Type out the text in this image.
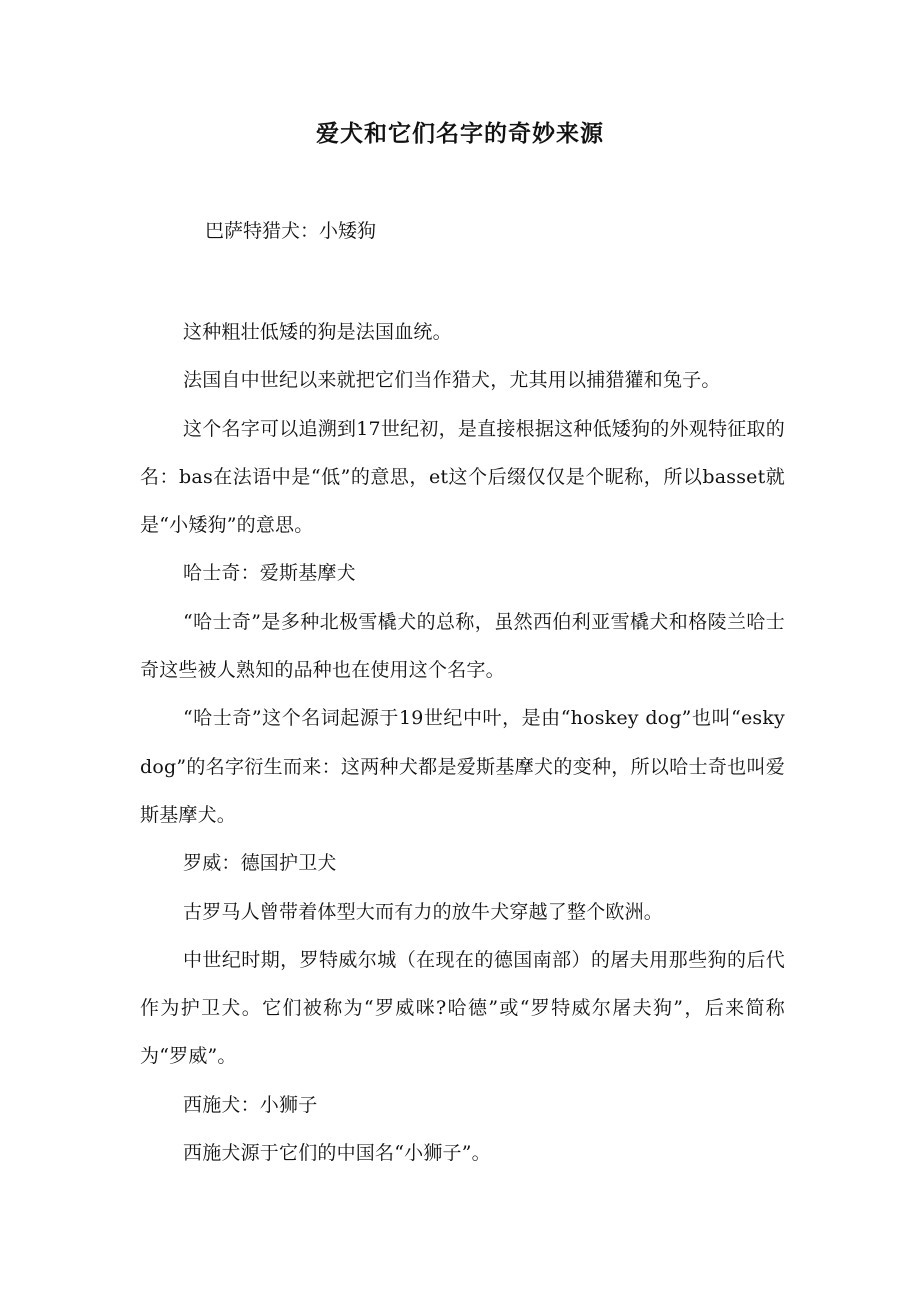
爱犬和它们名字的奇妙来源

巴萨特猎犬：小矮狗

这种粗壮低矮的狗是法国血统。

法国自中世纪以来就把它们当作猎犬，尤其用以捕猎獾和兔子。

这个名字可以追溯到17世纪初，是直接根据这种低矮狗的外观特征取的名：bas在法语中是“低”的意思，et这个后缀仅仅是个昵称，所以basset就是“小矮狗”的意思。

哈士奇：爱斯基摩犬

“哈士奇”是多种北极雪橇犬的总称，虽然西伯利亚雪橇犬和格陵兰哈士奇这些被人熟知的品种也在使用这个名字。

“哈士奇”这个名词起源于19世纪中叶，是由“hoskey dog”也叫“esky dog”的名字衍生而来：这两种犬都是爱斯基摩犬的变种，所以哈士奇也叫爱斯基摩犬。

罗威：德国护卫犬

古罗马人曾带着体型大而有力的放牛犬穿越了整个欧洲。

中世纪时期，罗特威尔城（在现在的德国南部）的屠夫用那些狗的后代作为护卫犬。它们被称为“罗威咪?哈德”或“罗特威尔屠夫狗”，后来简称为“罗威”。

西施犬：小狮子

西施犬源于它们的中国名“小狮子”。
